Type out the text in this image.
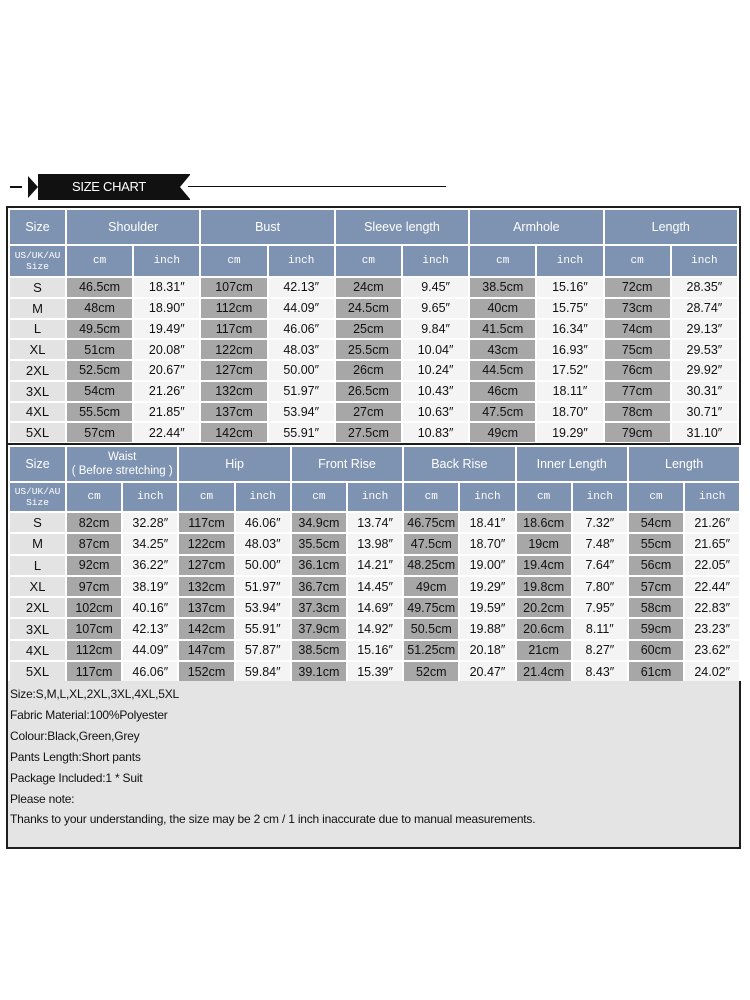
SIZE CHART
Size	Shoulder		Bust		Sleeve length		Armhole		Length	

US/UK/AU
Size	cm	inch	cm	inch	cm	inch	cm	inch	cm	inch
S	46.5cm	18.31″	107cm	42.13″	24cm	9.45″	38.5cm	15.16″	72cm	28.35″
M	48cm	18.90″	112cm	44.09″	24.5cm	9.65″	40cm	15.75″	73cm	28.74″
L	49.5cm	19.49″	117cm	46.06″	25cm	9.84″	41.5cm	16.34″	74cm	29.13″
XL	51cm	20.08″	122cm	48.03″	25.5cm	10.04″	43cm	16.93″	75cm	29.53″
2XL	52.5cm	20.67″	127cm	50.00″	26cm	10.24″	44.5cm	17.52″	76cm	29.92″
3XL	54cm	21.26″	132cm	51.97″	26.5cm	10.43″	46cm	18.11″	77cm	30.31″
4XL	55.5cm	21.85″	137cm	53.94″	27cm	10.63″	47.5cm	18.70″	78cm	30.71″
5XL	57cm	22.44″	142cm	55.91″	27.5cm	10.83″	49cm	19.29″	79cm	31.10″
Size	Waist
( Before stretching )		Hip		Front Rise		Back Rise		Inner Length		Length	

US/UK/AU
Size	cm	inch	cm	inch	cm	inch	cm	inch	cm	inch	cm	inch
S	82cm	32.28″	117cm	46.06″	34.9cm	13.74″	46.75cm	18.41″	18.6cm	7.32″	54cm	21.26″
M	87cm	34.25″	122cm	48.03″	35.5cm	13.98″	47.5cm	18.70″	19cm	7.48″	55cm	21.65″
L	92cm	36.22″	127cm	50.00″	36.1cm	14.21″	48.25cm	19.00″	19.4cm	7.64″	56cm	22.05″
XL	97cm	38.19″	132cm	51.97″	36.7cm	14.45″	49cm	19.29″	19.8cm	7.80″	57cm	22.44″
2XL	102cm	40.16″	137cm	53.94″	37.3cm	14.69″	49.75cm	19.59″	20.2cm	7.95″	58cm	22.83″
3XL	107cm	42.13″	142cm	55.91″	37.9cm	14.92″	50.5cm	19.88″	20.6cm	8.11″	59cm	23.23″
4XL	112cm	44.09″	147cm	57.87″	38.5cm	15.16″	51.25cm	20.18″	21cm	8.27″	60cm	23.62″
5XL	117cm	46.06″	152cm	59.84″	39.1cm	15.39″	52cm	20.47″	21.4cm	8.43″	61cm	24.02″
Size:S,M,L,XL,2XL,3XL,4XL,5XL
Fabric Material:100%Polyester
Colour:Black,Green,Grey
Pants Length:Short pants
Package Included:1 * Suit
Please note:
Thanks to your understanding, the size may be 2 cm / 1 inch inaccurate due to manual measurements.
